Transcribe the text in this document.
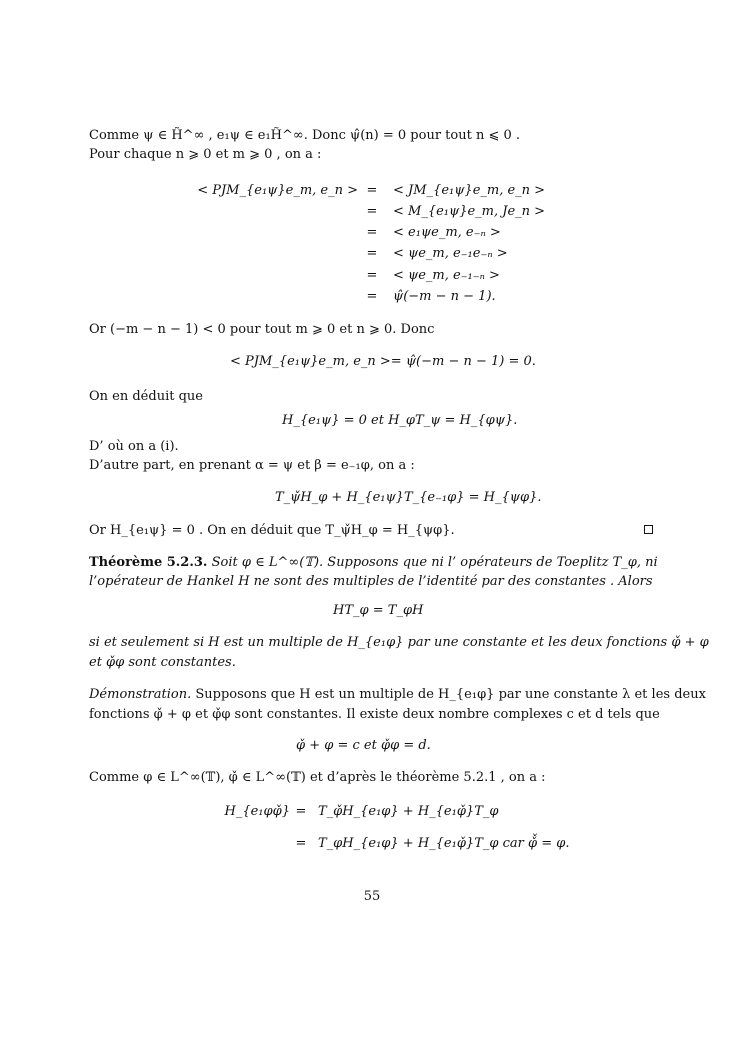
Comme ψ ∈ H̃^∞ , e₁ψ ∈ e₁H̃^∞. Donc ψ̂(n) = 0 pour tout n ⩽ 0 .
Pour chaque n ⩾ 0 et m ⩾ 0 , on a :
< PJM_{e₁ψ}e_m, e_n > =	< JM_{e₁ψ}e_m, e_n >
=	< M_{e₁ψ}e_m, Je_n >
=	< e₁ψe_m, e₋ₙ >
=	< ψe_m, e₋₁e₋ₙ >
=	< ψe_m, e₋₁₋ₙ >
=	ψ̂(−m − n − 1).
Or (−m − n − 1) < 0 pour tout m ⩾ 0 et n ⩾ 0. Donc
< PJM_{e₁ψ}e_m, e_n >= ψ̂(−m − n − 1) = 0.
On en déduit que
H_{e₁ψ} = 0 et H_φT_ψ = H_{φψ}.
D’ où on a (i).
D’autre part, en prenant α = ψ et β = e₋₁φ, on a :
T_ψ̌H_φ + H_{e₁ψ}T_{e₋₁φ} = H_{ψφ}.
Or H_{e₁ψ} = 0 . On en déduit que T_ψ̌H_φ = H_{ψφ}.
Théorème 5.2.3. Soit φ ∈ L^∞(𝕋). Supposons que ni l’ opérateurs de Toeplitz T_φ, ni
l’opérateur de Hankel H ne sont des multiples de l’identité par des constantes . Alors
HT_φ = T_φH
si et seulement si H est un multiple de H_{e₁φ} par une constante et les deux fonctions φ̌ + φ
et φ̌φ sont constantes.
Démonstration. Supposons que H est un multiple de H_{e₁φ} par une constante λ et les deux
fonctions φ̌ + φ et φ̌φ sont constantes. Il existe deux nombre complexes c et d tels que
φ̌ + φ = c et φ̌φ = d.
Comme φ ∈ L^∞(𝕋), φ̌ ∈ L^∞(𝕋) et d’après le théorème 5.2.1 , on a :
H_{e₁φφ̌} = T_φ̌H_{e₁φ} + H_{e₁φ̌}T_φ
= T_φH_{e₁φ} + H_{e₁φ̌}T_φ car φ̌̌ = φ.
55
